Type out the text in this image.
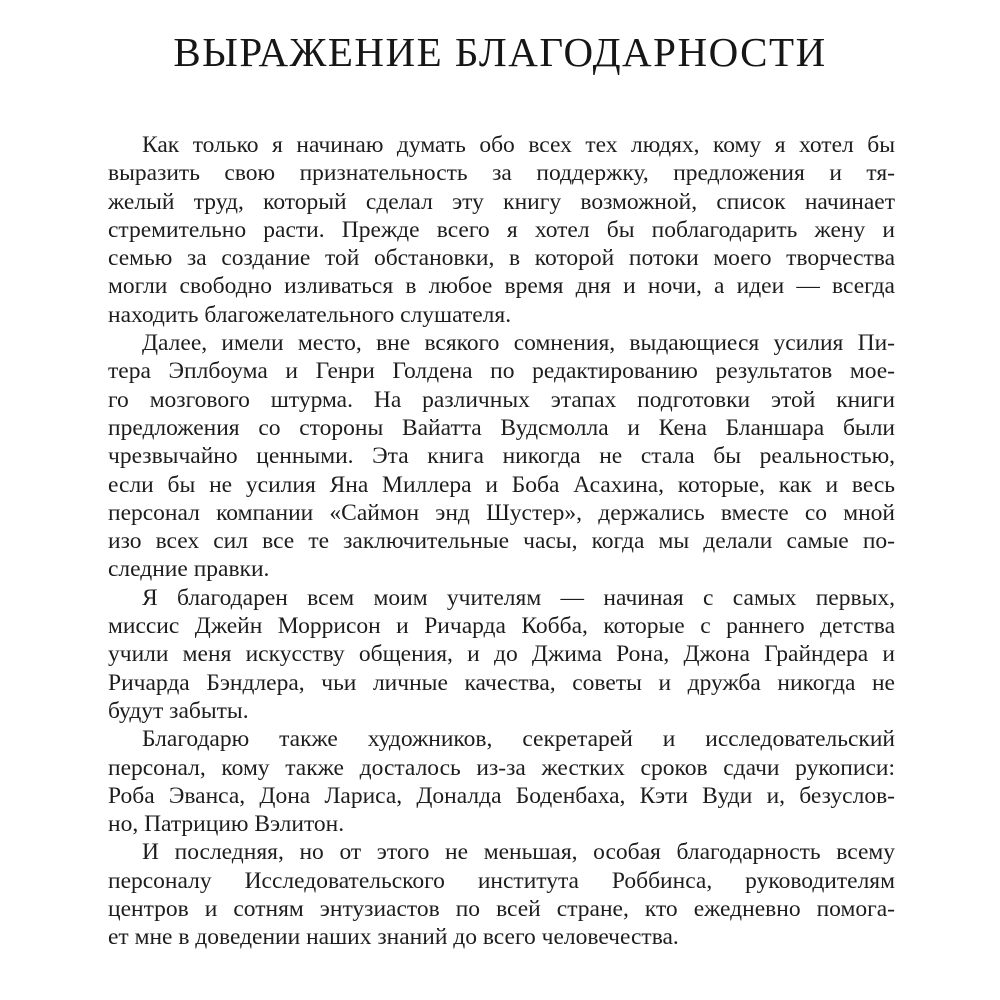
ВЫРАЖЕНИЕ БЛАГОДАРНОСТИ

Как только я начинаю думать обо всех тех людях, кому я хотел бы
выразить свою признательность за поддержку, предложения и тя-
желый труд, который сделал эту книгу возможной, список начинает
стремительно расти. Прежде всего я хотел бы поблагодарить жену и
семью за создание той обстановки, в которой потоки моего творчества
могли свободно изливаться в любое время дня и ночи, а идеи — всегда
находить благожелательного слушателя.

Далее, имели место, вне всякого сомнения, выдающиеся усилия Пи-
тера Эплбоума и Генри Голдена по редактированию результатов мое-
го мозгового штурма. На различных этапах подготовки этой книги
предложения со стороны Вайатта Вудсмолла и Кена Бланшара были
чрезвычайно ценными. Эта книга никогда не стала бы реальностью,
если бы не усилия Яна Миллера и Боба Асахина, которые, как и весь
персонал компании «Саймон энд Шустер», держались вместе со мной
изо всех сил все те заключительные часы, когда мы делали самые по-
следние правки.

Я благодарен всем моим учителям — начиная с самых первых,
миссис Джейн Моррисон и Ричарда Кобба, которые с раннего детства
учили меня искусству общения, и до Джима Рона, Джона Грайндера и
Ричарда Бэндлера, чьи личные качества, советы и дружба никогда не
будут забыты.

Благодарю также художников, секретарей и исследовательский
персонал, кому также досталось из-за жестких сроков сдачи рукописи:
Роба Эванса, Дона Лариса, Доналда Боденбаха, Кэти Вуди и, безуслов-
но, Патрицию Вэлитон.

И последняя, но от этого не меньшая, особая благодарность всему
персоналу Исследовательского института Роббинса, руководителям
центров и сотням энтузиастов по всей стране, кто ежедневно помога-
ет мне в доведении наших знаний до всего человечества.
